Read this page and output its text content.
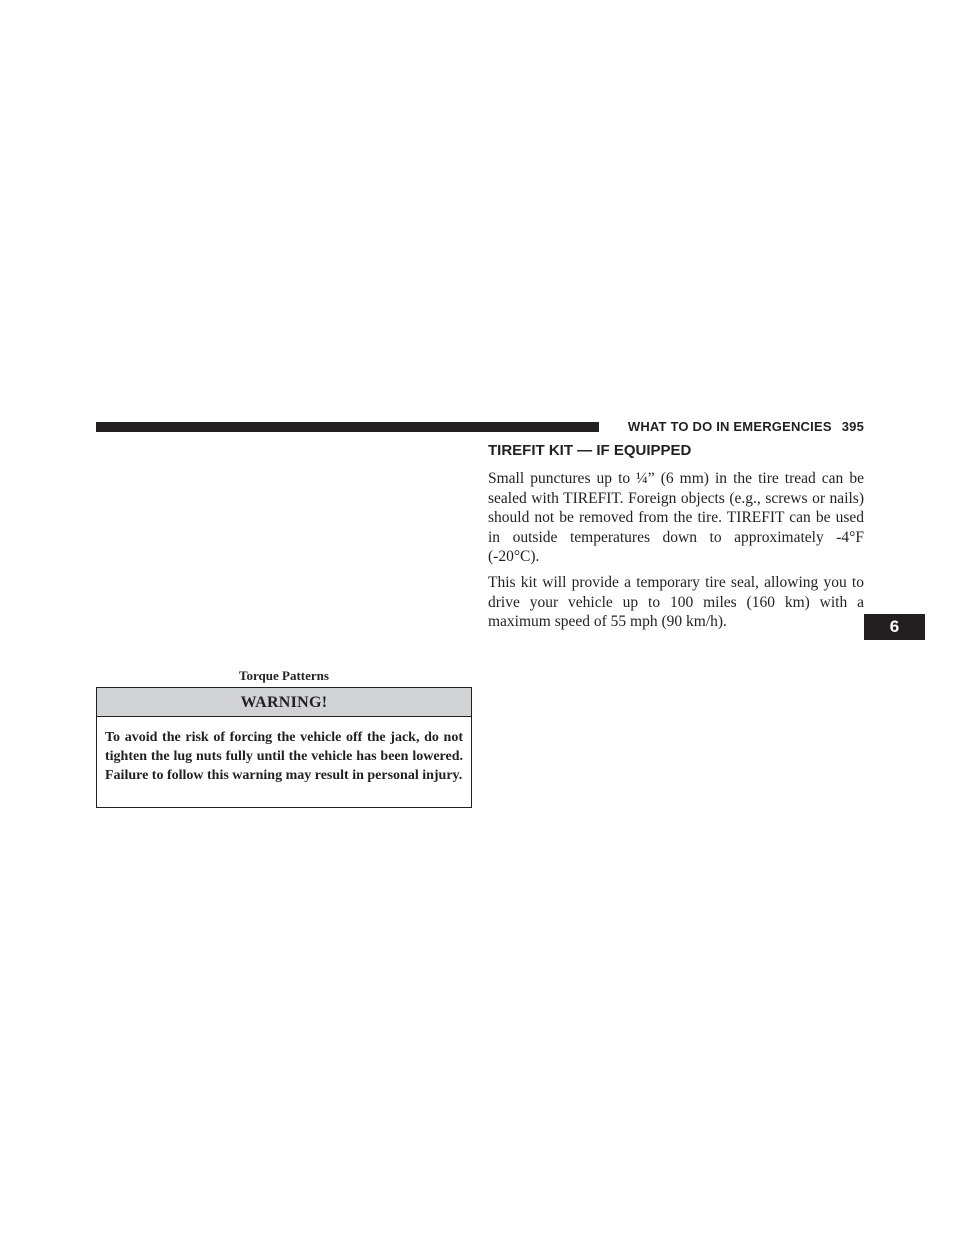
WHAT TO DO IN EMERGENCIES 395

TIREFIT KIT — IF EQUIPPED

Small punctures up to ¼” (6 mm) in the tire tread can be sealed with TIREFIT. Foreign objects (e.g., screws or nails) should not be removed from the tire. TIREFIT can be used in outside temperatures down to approximately -4°F (-20°C).

This kit will provide a temporary tire seal, allowing you to drive your vehicle up to 100 miles (160 km) with a maximum speed of 55 mph (90 km/h).	6

Torque Patterns

WARNING!
To avoid the risk of forcing the vehicle off the jack, do not tighten the lug nuts fully until the vehicle has been lowered. Failure to follow this warning may result in personal injury.
